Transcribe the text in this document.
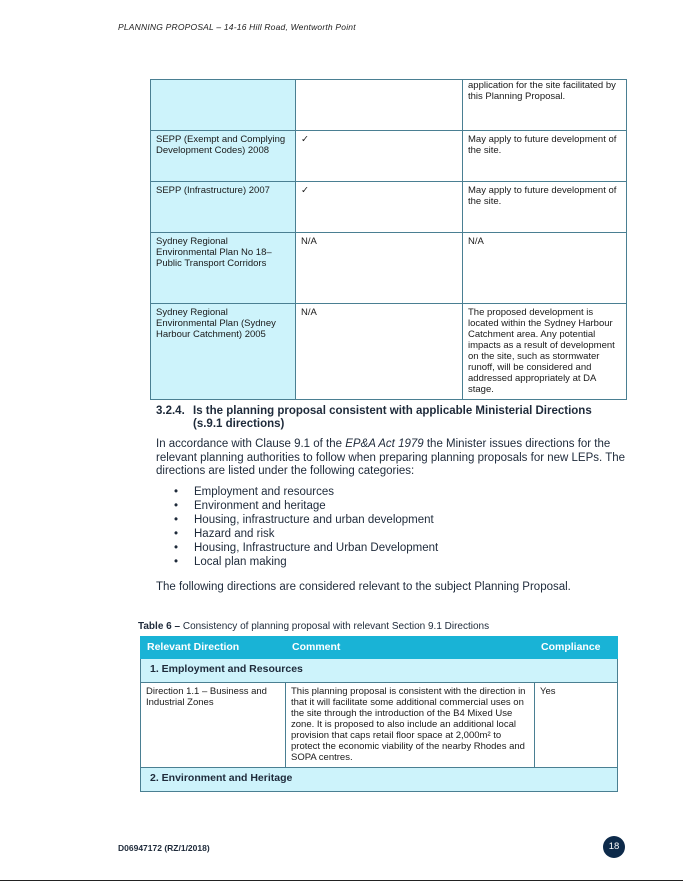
PLANNING PROPOSAL – 14-16 Hill Road, Wentworth Point
		application for the site facilitated by this Planning Proposal.
SEPP (Exempt and Complying Development Codes) 2008	✓	May apply to future development of the site.
SEPP (Infrastructure) 2007	✓	May apply to future development of the site.
Sydney Regional Environmental Plan No 18– Public Transport Corridors	N/A	N/A
Sydney Regional Environmental Plan (Sydney Harbour Catchment) 2005	N/A	The proposed development is located within the Sydney Harbour Catchment area. Any potential impacts as a result of development on the site, such as stormwater runoff, will be considered and addressed appropriately at DA stage.
3.2.4. Is the planning proposal consistent with applicable Ministerial Directions
(s.9.1 directions)
In accordance with Clause 9.1 of the EP&A Act 1979 the Minister issues directions for the relevant planning authorities to follow when preparing planning proposals for new LEPs. The directions are listed under the following categories:
• Employment and resources
• Environment and heritage
• Housing, infrastructure and urban development
• Hazard and risk
• Housing, Infrastructure and Urban Development
• Local plan making
The following directions are considered relevant to the subject Planning Proposal.
Table 6 – Consistency of planning proposal with relevant Section 9.1 Directions
Relevant Direction	Comment	Compliance
1. Employment and Resources		
Direction 1.1 – Business and Industrial Zones	This planning proposal is consistent with the direction in that it will facilitate some additional commercial uses on the site through the introduction of the B4 Mixed Use zone. It is proposed to also include an additional local provision that caps retail floor space at 2,000m² to protect the economic viability of the nearby Rhodes and SOPA centres.	Yes
2. Environment and Heritage		
D06947172 (RZ/1/2018)	18
